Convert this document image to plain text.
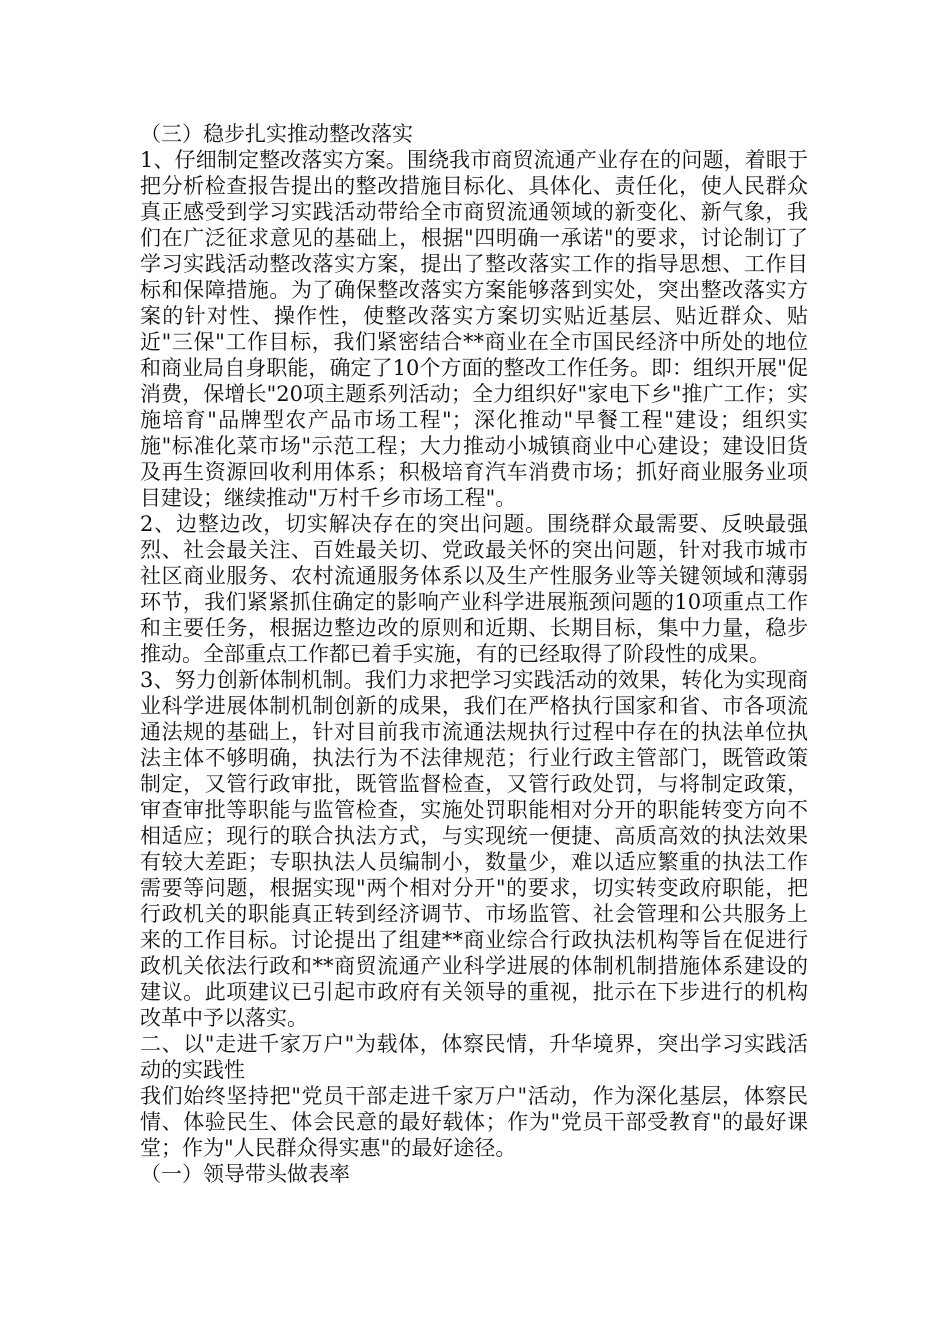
（三）稳步扎实推动整改落实

1、仔细制定整改落实方案。围绕我市商贸流通产业存在的问题，着眼于把分析检查报告提出的整改措施目标化、具体化、责任化，使人民群众真正感受到学习实践活动带给全市商贸流通领域的新变化、新气象，我们在广泛征求意见的基础上，根据"四明确一承诺"的要求，讨论制订了学习实践活动整改落实方案，提出了整改落实工作的指导思想、工作目标和保障措施。为了确保整改落实方案能够落到实处，突出整改落实方案的针对性、操作性，使整改落实方案切实贴近基层、贴近群众、贴近"三保"工作目标，我们紧密结合**商业在全市国民经济中所处的地位和商业局自身职能，确定了10个方面的整改工作任务。即：组织开展"促消费，保增长"20项主题系列活动；全力组织好"家电下乡"推广工作；实施培育"品牌型农产品市场工程"；深化推动"早餐工程"建设；组织实施"标准化菜市场"示范工程；大力推动小城镇商业中心建设；建设旧货及再生资源回收利用体系；积极培育汽车消费市场；抓好商业服务业项目建设；继续推动"万村千乡市场工程"。

2、边整边改，切实解决存在的突出问题。围绕群众最需要、反映最强烈、社会最关注、百姓最关切、党政最关怀的突出问题，针对我市城市社区商业服务、农村流通服务体系以及生产性服务业等关键领域和薄弱环节，我们紧紧抓住确定的影响产业科学进展瓶颈问题的10项重点工作和主要任务，根据边整边改的原则和近期、长期目标，集中力量，稳步推动。全部重点工作都已着手实施，有的已经取得了阶段性的成果。

3、努力创新体制机制。我们力求把学习实践活动的效果，转化为实现商业科学进展体制机制创新的成果，我们在严格执行国家和省、市各项流通法规的基础上，针对目前我市流通法规执行过程中存在的执法单位执法主体不够明确，执法行为不法律规范；行业行政主管部门，既管政策制定，又管行政审批，既管监督检查，又管行政处罚，与将制定政策，审查审批等职能与监管检查，实施处罚职能相对分开的职能转变方向不相适应；现行的联合执法方式，与实现统一便捷、高质高效的执法效果有较大差距；专职执法人员编制小，数量少，难以适应繁重的执法工作需要等问题，根据实现"两个相对分开"的要求，切实转变政府职能，把行政机关的职能真正转到经济调节、市场监管、社会管理和公共服务上来的工作目标。讨论提出了组建**商业综合行政执法机构等旨在促进行政机关依法行政和**商贸流通产业科学进展的体制机制措施体系建设的建议。此项建议已引起市政府有关领导的重视，批示在下步进行的机构改革中予以落实。

二、以"走进千家万户"为载体，体察民情，升华境界，突出学习实践活动的实践性

我们始终坚持把"党员干部走进千家万户"活动，作为深化基层，体察民情、体验民生、体会民意的最好载体；作为"党员干部受教育"的最好课堂；作为"人民群众得实惠"的最好途径。

（一）领导带头做表率
